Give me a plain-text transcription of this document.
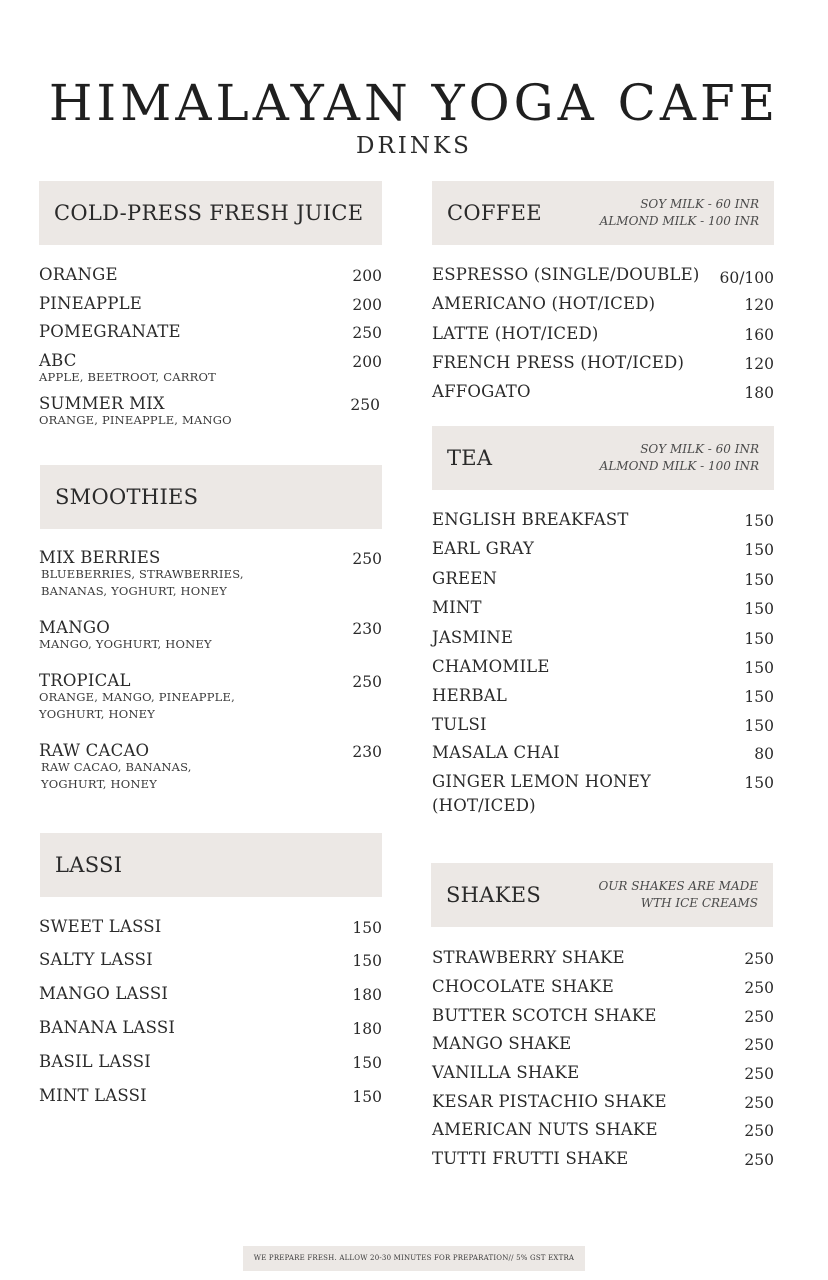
HIMALAYAN YOGA CAFE
DRINKS
COLD-PRESS FRESH JUICE
ORANGE	200
PINEAPPLE	200
POMEGRANATE	250
ABC	200
APPLE, BEETROOT, CARROT
SUMMER MIX	250
ORANGE, PINEAPPLE, MANGO
SMOOTHIES
MIX BERRIES	250
BLUEBERRIES, STRAWBERRIES,
BANANAS, YOGHURT, HONEY
MANGO	230
MANGO, YOGHURT, HONEY
TROPICAL	250
ORANGE, MANGO, PINEAPPLE,
YOGHURT, HONEY
RAW CACAO	230
RAW CACAO, BANANAS,
YOGHURT, HONEY
LASSI
SWEET LASSI	150
SALTY LASSI	150
MANGO LASSI	180
BANANA LASSI	180
BASIL LASSI	150
MINT LASSI	150
COFFEE	SOY MILK - 60 INR
ALMOND MILK - 100 INR
ESPRESSO (SINGLE/DOUBLE)	60/100
AMERICANO (HOT/ICED)	120
LATTE (HOT/ICED)	160
FRENCH PRESS (HOT/ICED)	120
AFFOGATO	180
TEA	SOY MILK - 60 INR
ALMOND MILK - 100 INR
ENGLISH BREAKFAST	150
EARL GRAY	150
GREEN	150
MINT	150
JASMINE	150
CHAMOMILE	150
HERBAL	150
TULSI	150
MASALA CHAI	80
GINGER LEMON HONEY (HOT/ICED)
150
SHAKES	OUR SHAKES ARE MADE
WTH ICE CREAMS
STRAWBERRY SHAKE	250
CHOCOLATE SHAKE	250
BUTTER SCOTCH SHAKE	250
MANGO SHAKE	250
VANILLA SHAKE	250
KESAR PISTACHIO SHAKE	250
AMERICAN NUTS SHAKE	250
TUTTI FRUTTI SHAKE	250
WE PREPARE FRESH. ALLOW 20-30 MINUTES FOR PREPARATION// 5% GST EXTRA
